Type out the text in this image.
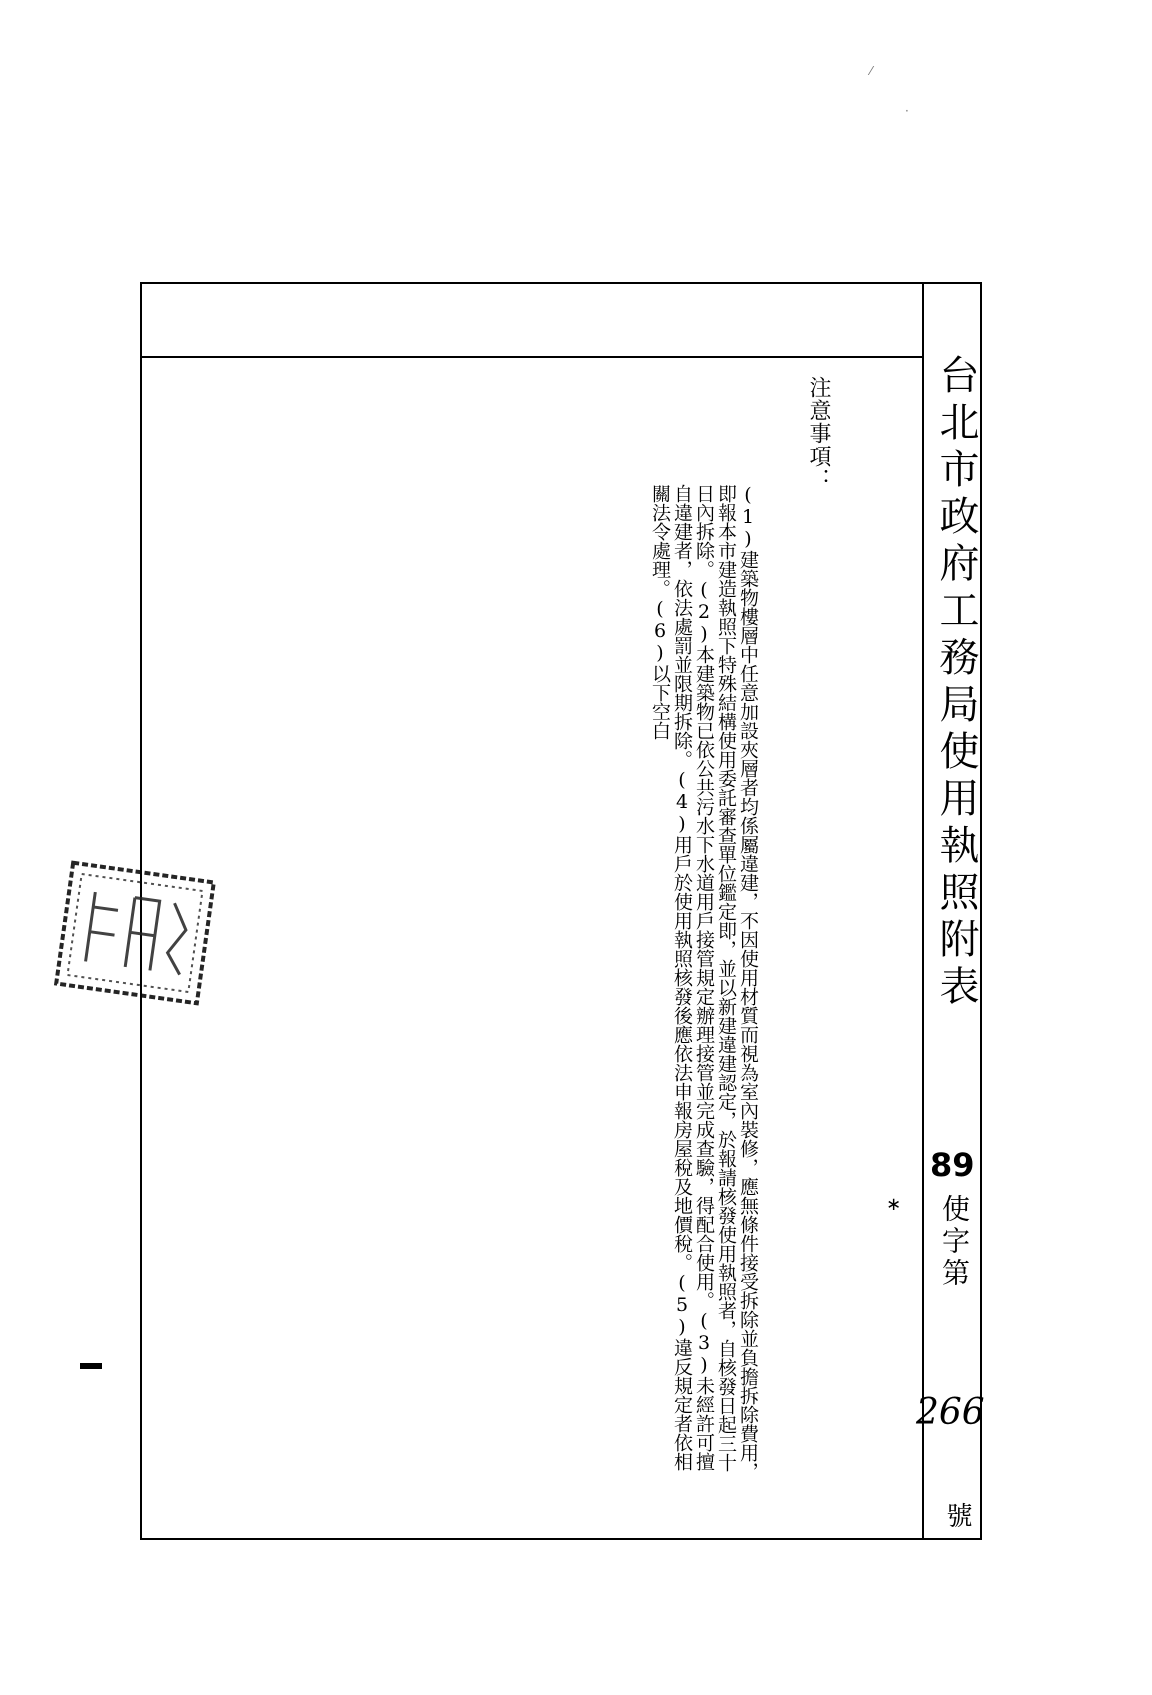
台北市政府工務局使用執照附表
89
使字第
266
號
注意事項：
(1)建築物樓層中任意加設夾層者均係屬違建，不因使用材質而視為室內裝修，應無條件接受拆除並負擔拆除費用，即報本市建造執照下特殊結構使用委託審查單位鑑定即，並以新建違建認定，於報請核發使用執照者，自核發日起三十日內拆除。(2)本建築物已依公共污水下水道用戶接管規定辦理接管並完成查驗，得配合使用。(3)未經許可擅自違建者，依法處罰並限期拆除。(4)用戶於使用執照核發後應依法申報房屋稅及地價稅。(5)違反規定者依相關法令處理。(6)以下空白
∗
⁄
·
